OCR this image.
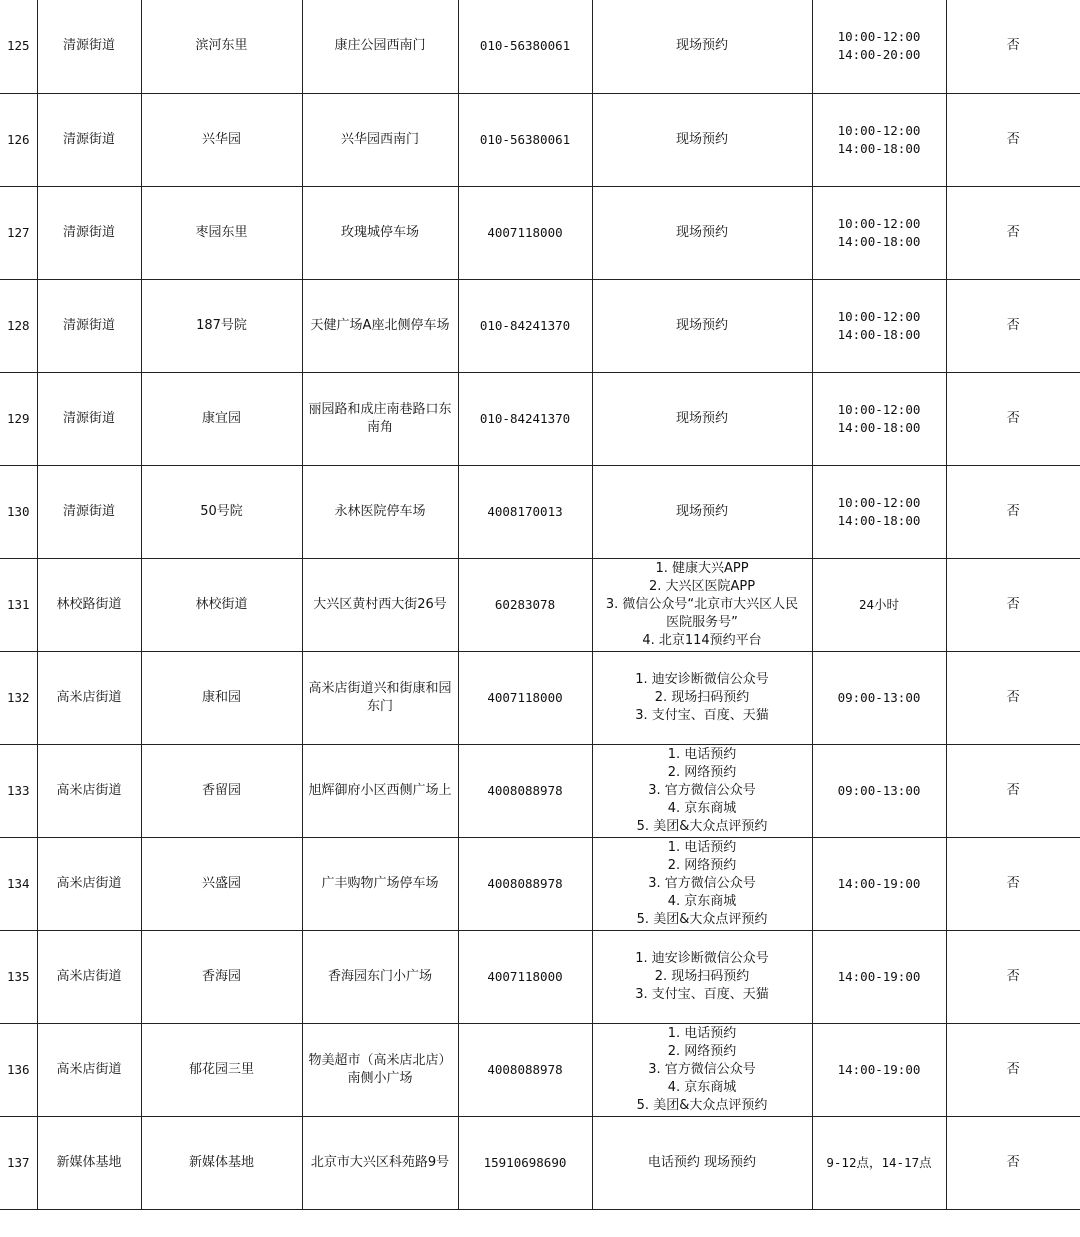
125	清源街道	滨河东里	康庄公园西南门	010-56380061	现场预约	10:00-12:00
14:00-20:00	否
126	清源街道	兴华园	兴华园西南门	010-56380061	现场预约	10:00-12:00
14:00-18:00	否
127	清源街道	枣园东里	玫瑰城停车场	4007118000	现场预约	10:00-12:00
14:00-18:00	否
128	清源街道	187号院	天健广场A座北侧停车场	010-84241370	现场预约	10:00-12:00
14:00-18:00	否
129	清源街道	康宜园	丽园路和成庄南巷路口东南角	010-84241370	现场预约	10:00-12:00
14:00-18:00	否
130	清源街道	50号院	永林医院停车场	4008170013	现场预约	10:00-12:00
14:00-18:00	否
131	林校路街道	林校街道	大兴区黄村西大街26号	60283078	1. 健康大兴APP
2. 大兴区医院APP
3. 微信公众号“北京市大兴区人民
医院服务号”
4. 北京114预约平台	24小时	否
132	高米店街道	康和园	高米店街道兴和街康和园东门	4007118000	1. 迪安诊断微信公众号
2. 现场扫码预约
3. 支付宝、百度、天猫	09:00-13:00	否
133	高米店街道	香留园	旭辉御府小区西侧广场上	4008088978	1. 电话预约
2. 网络预约
3. 官方微信公众号
4. 京东商城
5. 美团&大众点评预约	09:00-13:00	否
134	高米店街道	兴盛园	广丰购物广场停车场	4008088978	1. 电话预约
2. 网络预约
3. 官方微信公众号
4. 京东商城
5. 美团&大众点评预约	14:00-19:00	否
135	高米店街道	香海园	香海园东门小广场	4007118000	1. 迪安诊断微信公众号
2. 现场扫码预约
3. 支付宝、百度、天猫	14:00-19:00	否
136	高米店街道	郁花园三里	物美超市（高米店北店）南侧小广场	4008088978	1. 电话预约
2. 网络预约
3. 官方微信公众号
4. 京东商城
5. 美团&大众点评预约	14:00-19:00	否
137	新媒体基地	新媒体基地	北京市大兴区科苑路9号	15910698690	电话预约 现场预约	9-12点，14-17点	否
